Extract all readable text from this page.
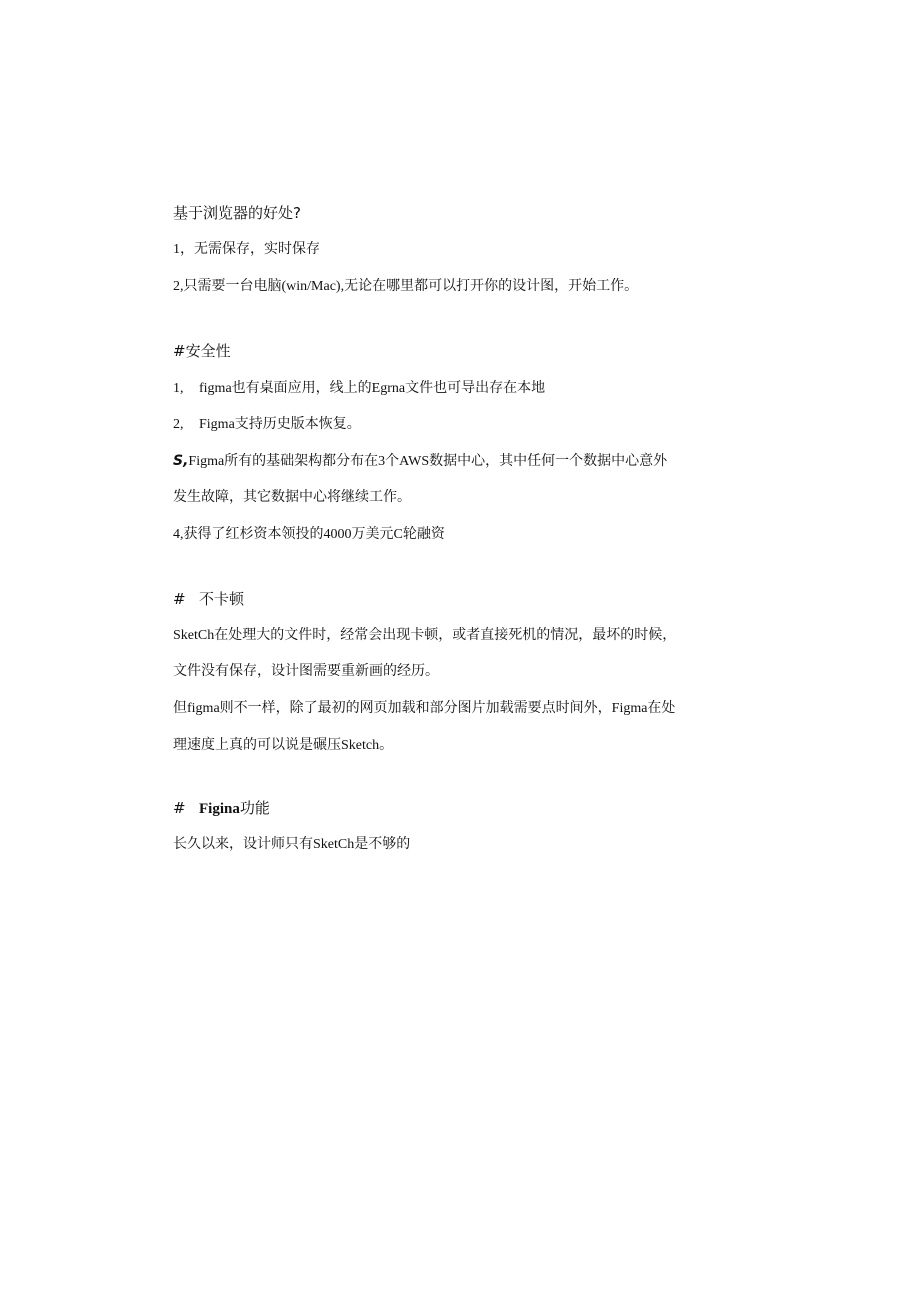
基于浏览器的好处?
1，无需保存，实时保存
2,只需要一台电脑(win/Mac),无论在哪里都可以打开你的设计图，开始工作。
#安全性
1, figma也有桌面应用，线上的Egrna文件也可导出存在本地
2, Figma支持历史版本恢复。
S,Figma所有的基础架构都分布在3个AWS数据中心，其中任何一个数据中心意外
发生故障，其它数据中心将继续工作。
4,获得了红杉资本领投的4000万美元C轮融资
# 不卡顿
SketCh在处理大的文件时，经常会出现卡顿，或者直接死机的情况，最坏的时候，
文件没有保存，设计图需要重新画的经历。
但figma则不一样，除了最初的网页加载和部分图片加载需要点时间外，Figma在处
理速度上真的可以说是碾压Sketch。
# Figina功能
长久以来，设计师只有SketCh是不够的
